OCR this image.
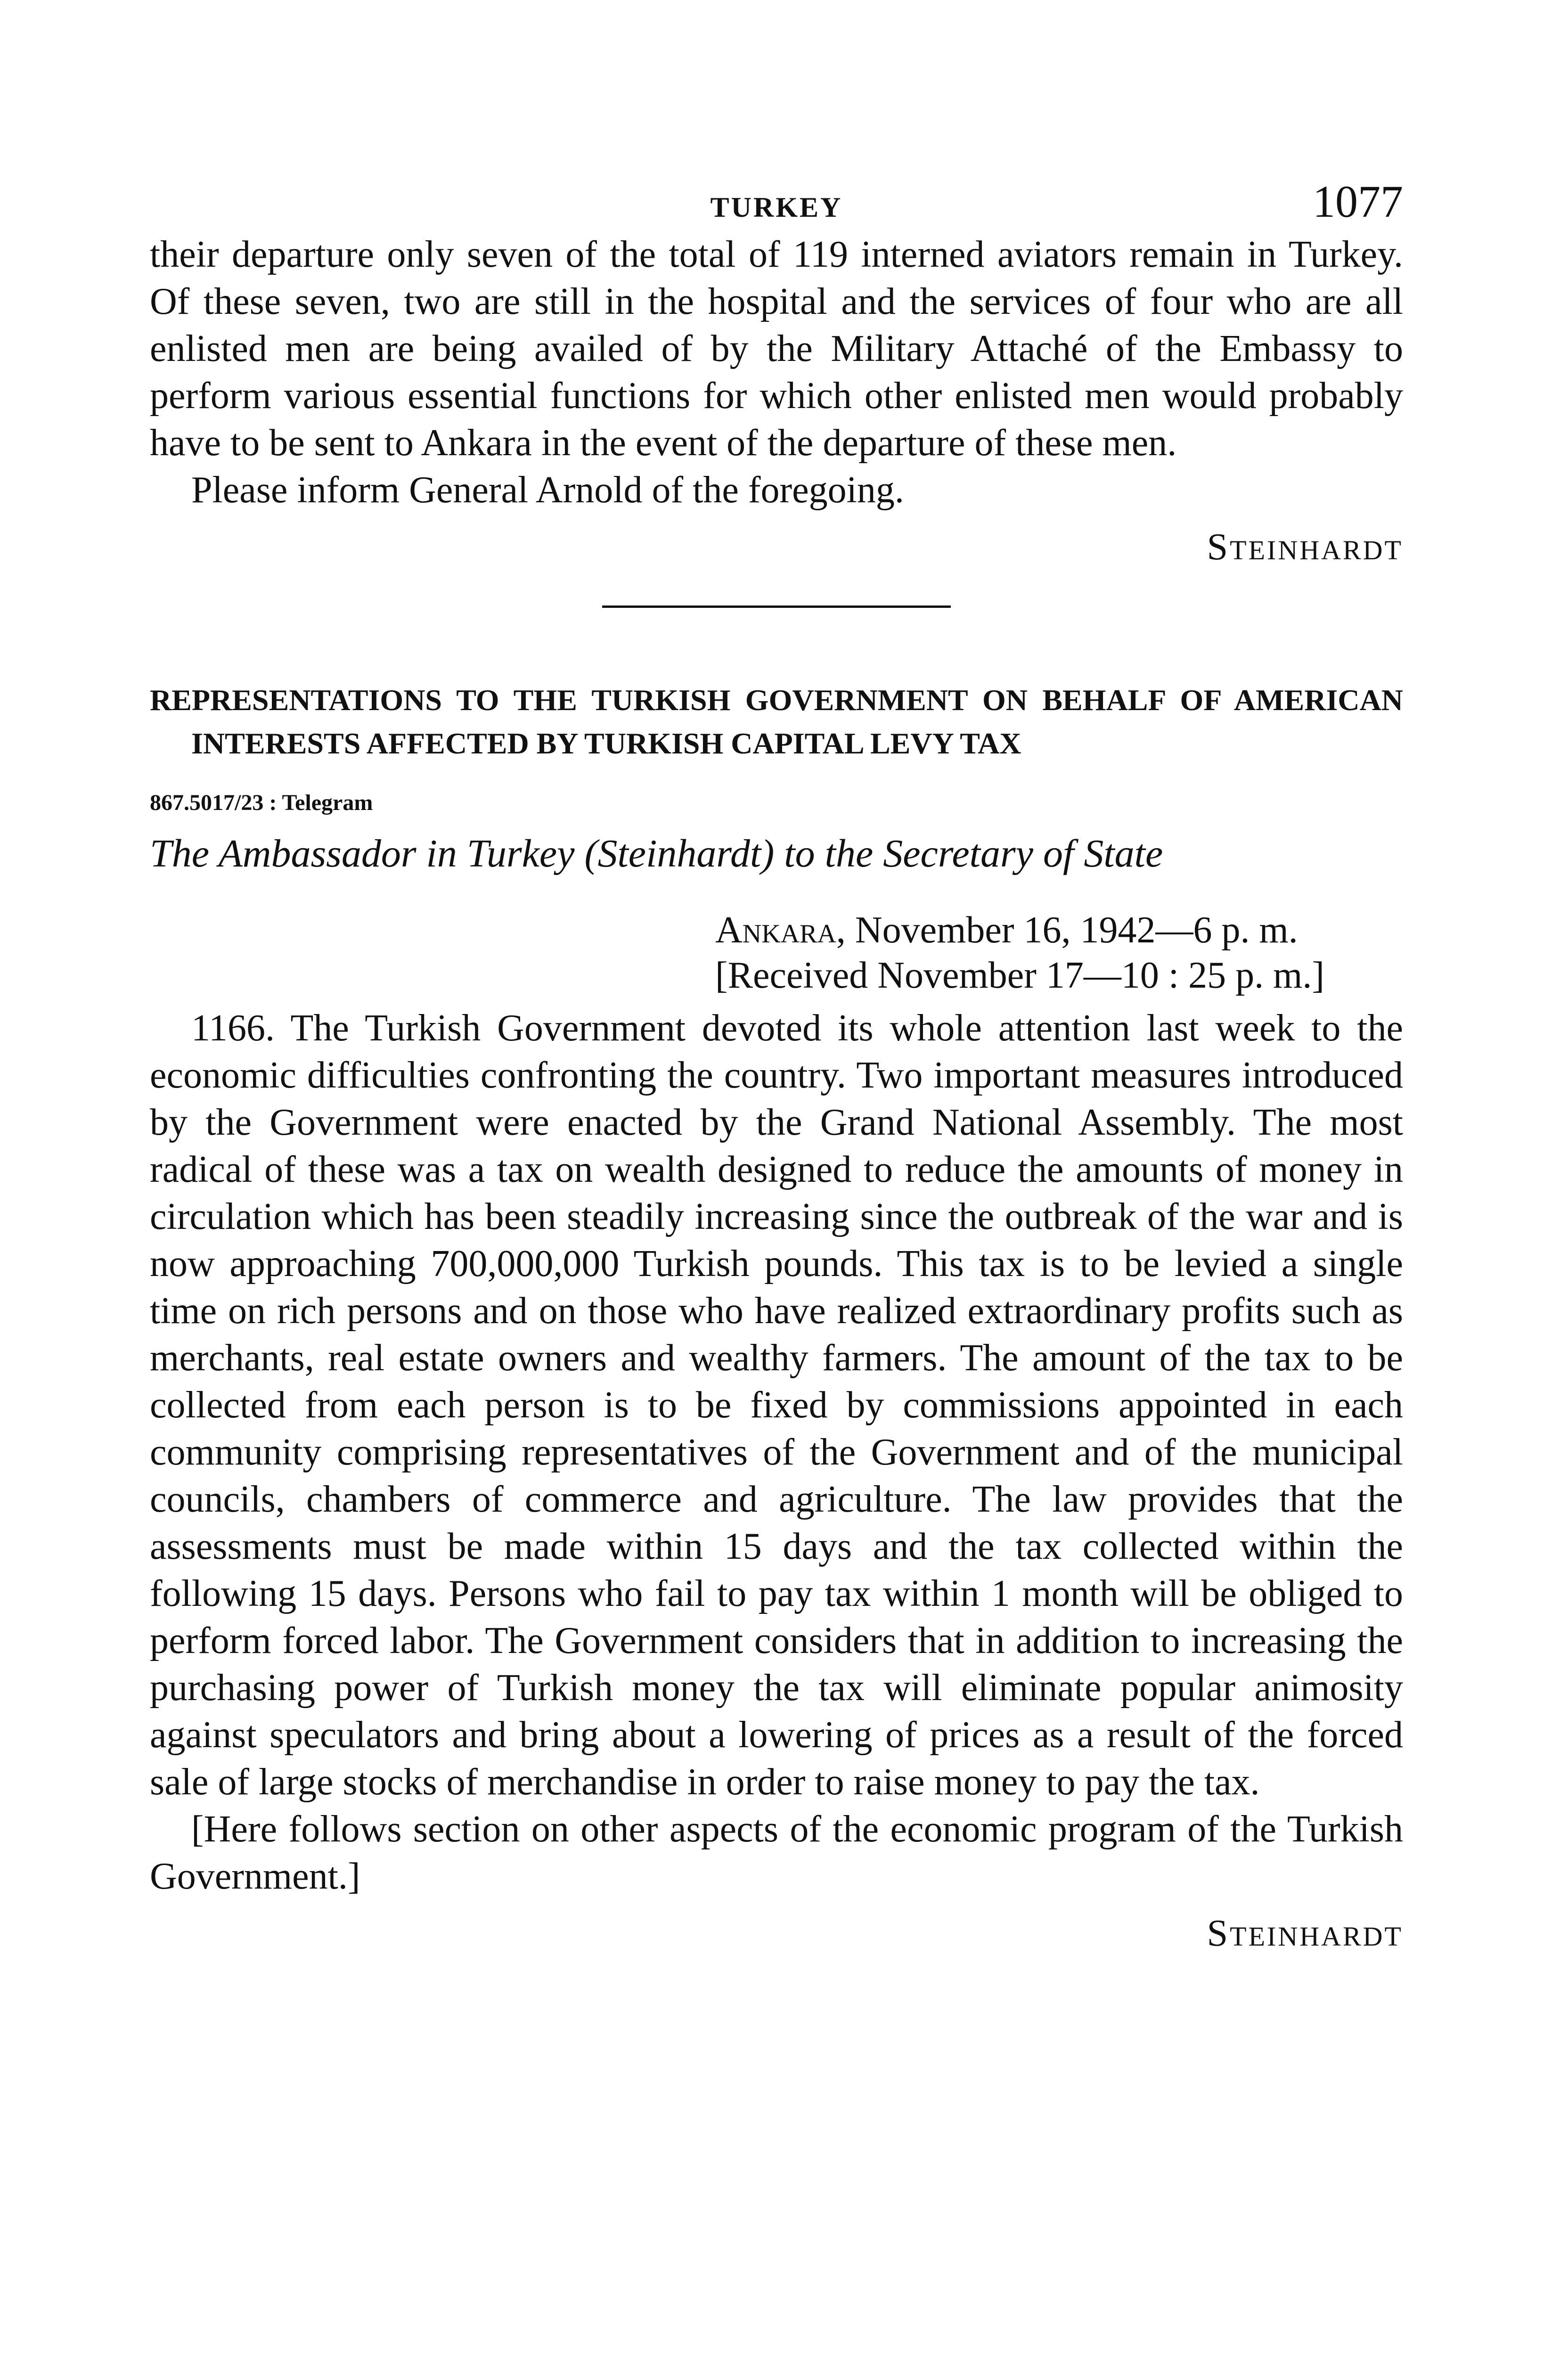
TURKEY	1077

their departure only seven of the total of 119 interned aviators remain in Turkey. Of these seven, two are still in the hospital and the services of four who are all enlisted men are being availed of by the Military Attaché of the Embassy to perform various essential functions for which other enlisted men would probably have to be sent to Ankara in the event of the departure of these men.

Please inform General Arnold of the foregoing.

STEINHARDT
REPRESENTATIONS TO THE TURKISH GOVERNMENT ON BEHALF OF AMERICAN INTERESTS AFFECTED BY TURKISH CAPITAL LEVY TAX
867.5017/23 : Telegram
The Ambassador in Turkey (Steinhardt) to the Secretary of State
Ankara, November 16, 1942—6 p. m.
[Received November 17—10 : 25 p. m.]

1166. The Turkish Government devoted its whole attention last week to the economic difficulties confronting the country. Two important measures introduced by the Government were enacted by the Grand National Assembly. The most radical of these was a tax on wealth designed to reduce the amounts of money in circulation which has been steadily increasing since the outbreak of the war and is now approaching 700,000,000 Turkish pounds. This tax is to be levied a single time on rich persons and on those who have realized extraordinary profits such as merchants, real estate owners and wealthy farmers. The amount of the tax to be collected from each person is to be fixed by commissions appointed in each community comprising representatives of the Government and of the municipal councils, chambers of commerce and agriculture. The law provides that the assessments must be made within 15 days and the tax collected within the following 15 days. Persons who fail to pay tax within 1 month will be obliged to perform forced labor. The Government considers that in addition to increasing the purchasing power of Turkish money the tax will eliminate popular animosity against speculators and bring about a lowering of prices as a result of the forced sale of large stocks of merchandise in order to raise money to pay the tax.

[Here follows section on other aspects of the economic program of the Turkish Government.]

STEINHARDT
